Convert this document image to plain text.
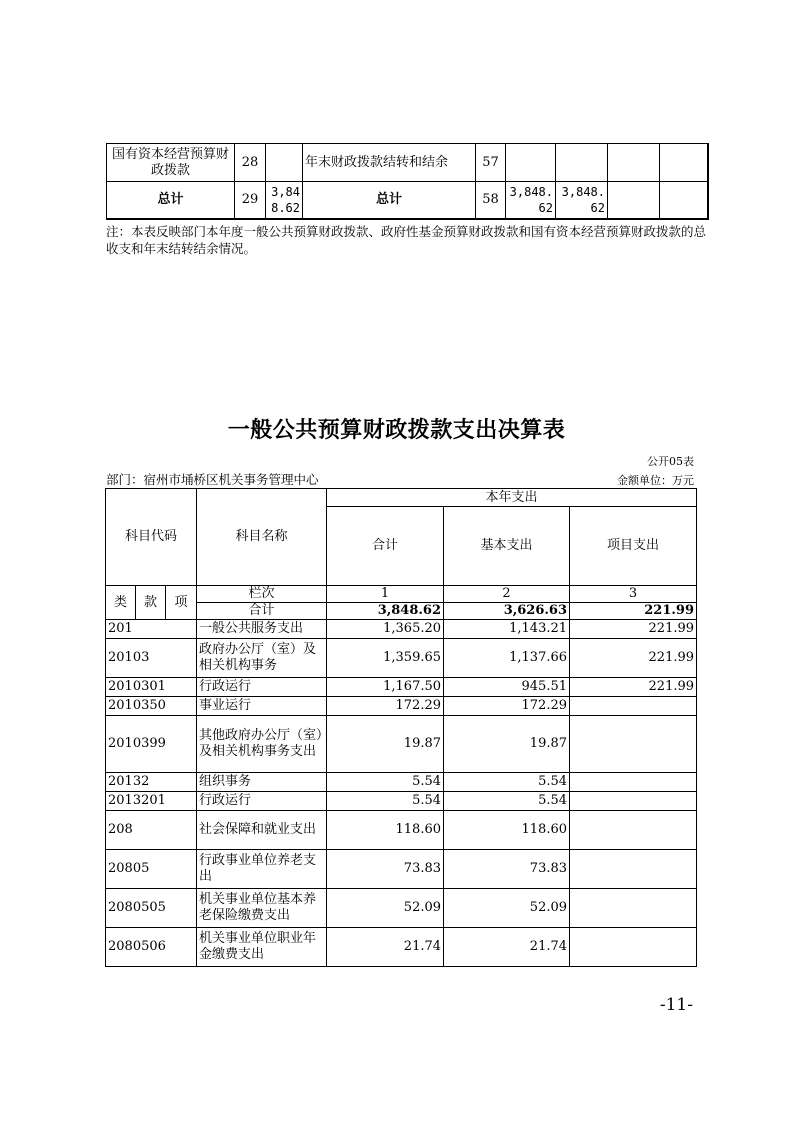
国有资本经营预算财政拨款	28		年末财政拨款结转和结余	57				
总计	29	3,848.62	总计	58	3,848.62	3,848.62		
注：本表反映部门本年度一般公共预算财政拨款、政府性基金预算财政拨款和国有资本经营预算财政拨款的总收支和年末结转结余情况。
一般公共预算财政拨款支出决算表
公开05表
部门：宿州市埇桥区机关事务管理中心	金额单位：万元
科目代码			科目名称	本年支出		
				合计	基本支出	项目支出

类	款	项	栏次	1	2	3
			合计	3,848.62	3,626.63	221.99
201			一般公共服务支出	1,365.20	1,143.21	221.99
20103			政府办公厅（室）及相关机构事务	1,359.65	1,137.66	221.99
2010301			行政运行	1,167.50	945.51	221.99
2010350			事业运行	172.29	172.29	
2010399			其他政府办公厅（室）及相关机构事务支出	19.87	19.87	
20132			组织事务	5.54	5.54	
2013201			行政运行	5.54	5.54	
208			社会保障和就业支出	118.60	118.60	
20805			行政事业单位养老支出	73.83	73.83	
2080505			机关事业单位基本养老保险缴费支出	52.09	52.09	
2080506			机关事业单位职业年金缴费支出	21.74	21.74	
-11-
